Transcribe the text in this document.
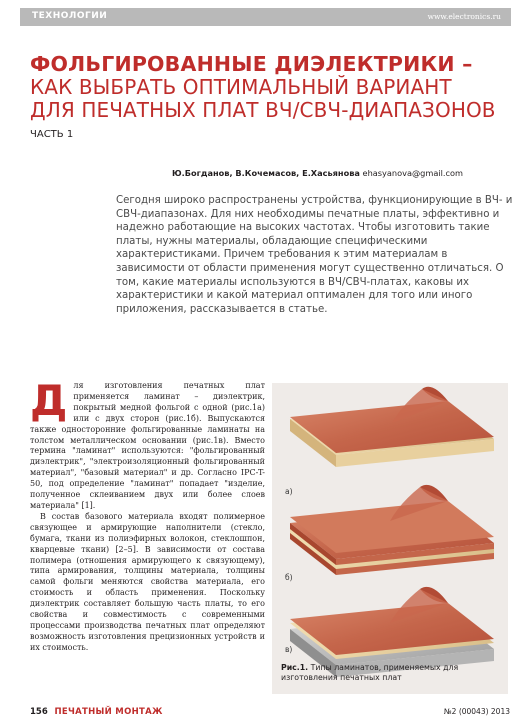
ТЕХНОЛОГИИ	www.electronics.ru
ФОЛЬГИРОВАННЫЕ ДИЭЛЕКТРИКИ –
КАК ВЫБРАТЬ ОПТИМАЛЬНЫЙ ВАРИАНТ
ДЛЯ ПЕЧАТНЫХ ПЛАТ ВЧ/СВЧ-ДИАПАЗОНОВ
ЧАСТЬ 1
Ю.Богданов, В.Кочемасов, Е.Хасьянова ehasyanova@gmail.com
Сегодня широко распространены устройства, функционирующие в ВЧ- и СВЧ-диапазонах. Для них необходимы печатные платы, эффективно и надежно работающие на высоких частотах. Чтобы изготовить такие платы, нужны материалы, обладающие специфическими характеристиками. Причем требования к этим материалам в зависимости от области применения могут существенно отличаться. О том, какие материалы используются в ВЧ/СВЧ-платах, каковы их характеристики и какой материал оптимален для того или иного приложения, рассказывается в статье.

Д ля изготовления печатных плат применяется ламинат – диэлектрик, покрытый медной фольгой с одной (рис.1а) или с двух сторон (рис.1б). Выпускаются также односторонние фольгированные ламинаты на толстом металлическом основании (рис.1в). Вместо термина "ламинат" используются: "фольгированный диэлектрик", "электроизоляционный фольгированный материал", "базовый материал" и др. Согласно IPC-T-50, под определение "ламинат" попадает "изделие, полученное склеиванием двух или более слоев материала" [1].

В состав базового материала входят полимерное связующее и армирующие наполнители (стекло, бумага, ткани из полиэфирных волокон, стеклошпон, кварцевые ткани) [2–5]. В зависимости от состава полимера (отношения армирующего к связующему), типа армирования, толщины материала, толщины самой фольги меняются свойства материала, его стоимость и область применения. Поскольку диэлектрик составляет большую часть платы, то его свойства и совместимость с современными процессами производства печатных плат определяют возможность изготовления прецизионных устройств и их стоимость.

а)
б)
в)
Рис.1. Типы ламинатов, применяемых для изготовления печатных плат
156 ПЕЧАТНЫЙ МОНТАЖ	№2 (00043) 2013
